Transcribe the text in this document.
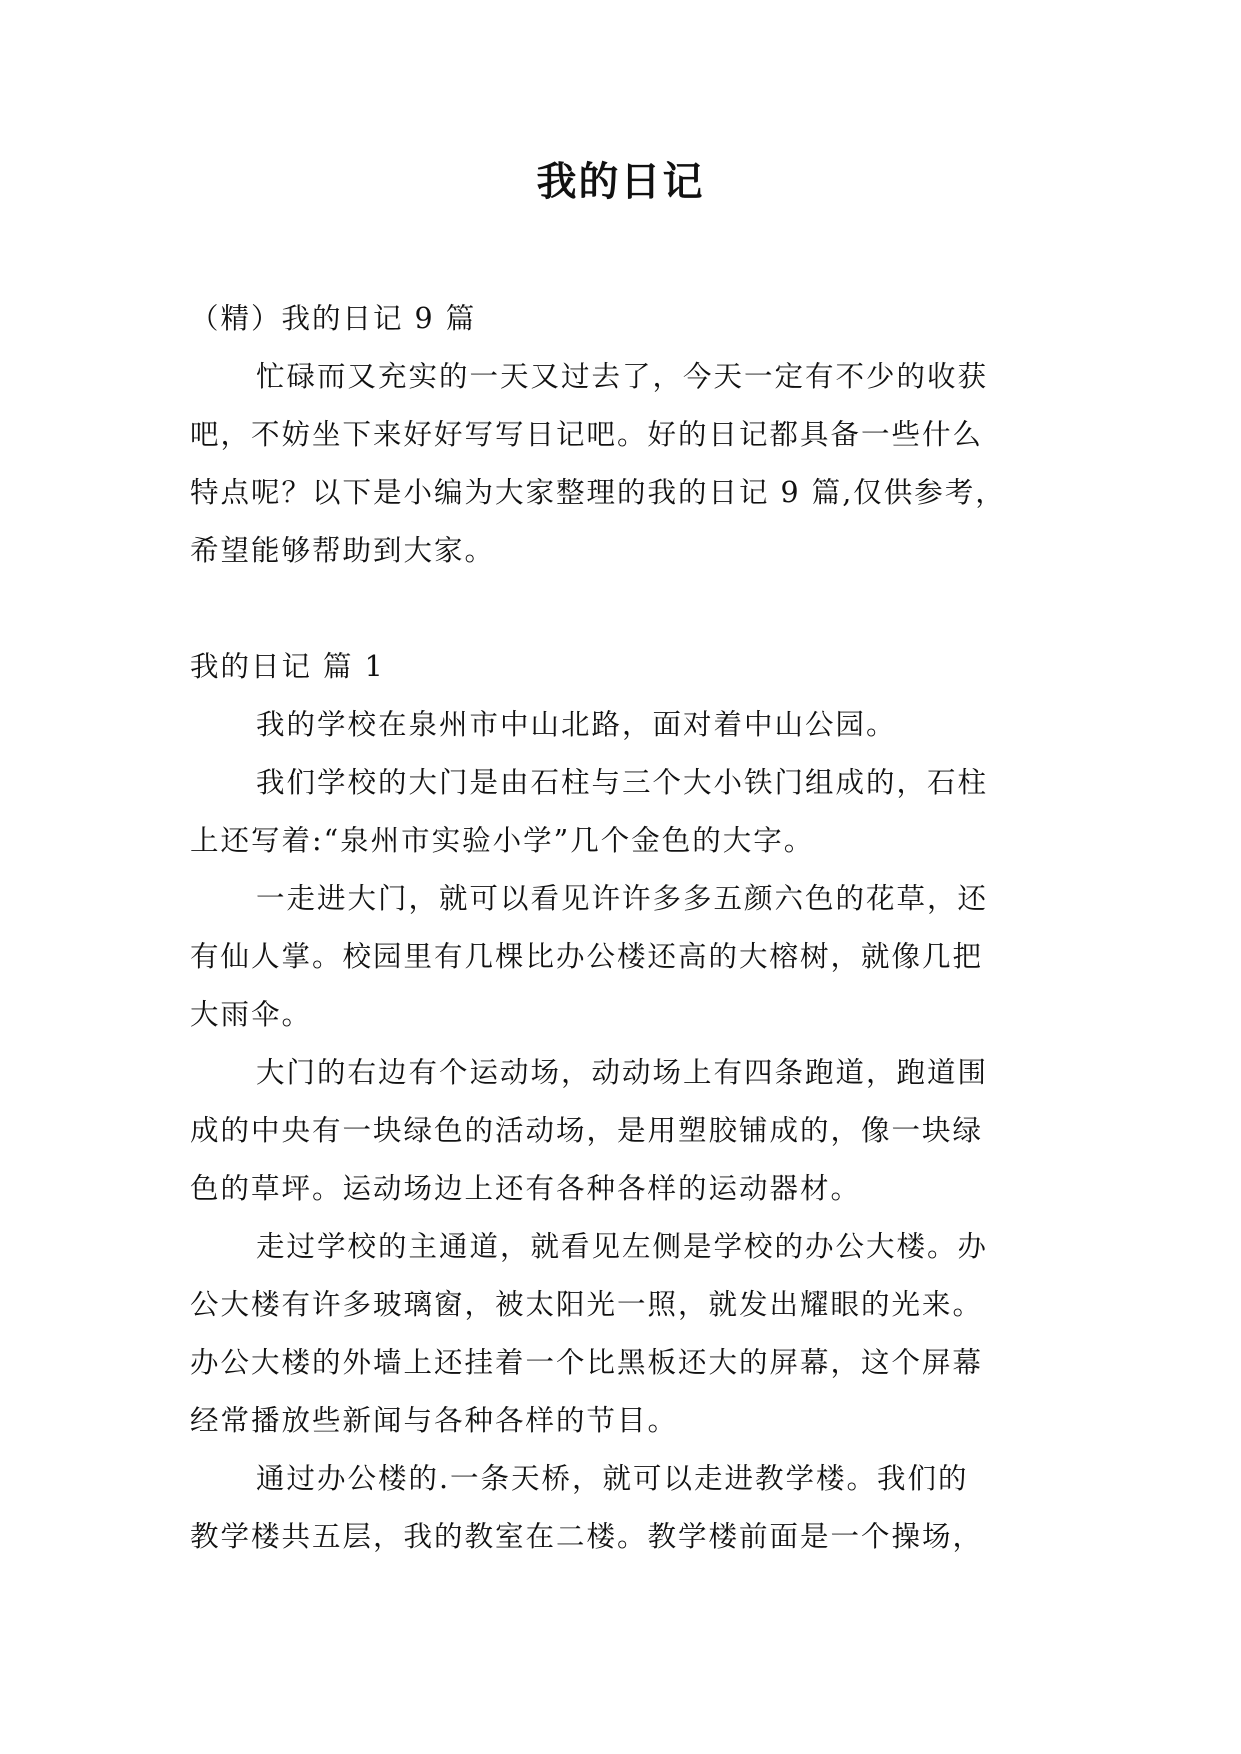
我的日记
（精）我的日记 9 篇
忙碌而又充实的一天又过去了，今天一定有不少的收获
吧，不妨坐下来好好写写日记吧。好的日记都具备一些什么
特点呢？以下是小编为大家整理的我的日记 9 篇,仅供参考，
希望能够帮助到大家。
我的日记 篇 1
我的学校在泉州市中山北路，面对着中山公园。
我们学校的大门是由石柱与三个大小铁门组成的，石柱
上还写着:“泉州市实验小学”几个金色的大字。
一走进大门，就可以看见许许多多五颜六色的花草，还
有仙人掌。校园里有几棵比办公楼还高的大榕树，就像几把
大雨伞。
大门的右边有个运动场，动动场上有四条跑道，跑道围
成的中央有一块绿色的活动场，是用塑胶铺成的，像一块绿
色的草坪。运动场边上还有各种各样的运动器材。
走过学校的主通道，就看见左侧是学校的办公大楼。办
公大楼有许多玻璃窗，被太阳光一照，就发出耀眼的光来。
办公大楼的外墙上还挂着一个比黑板还大的屏幕，这个屏幕
经常播放些新闻与各种各样的节目。
通过办公楼的.一条天桥，就可以走进教学楼。我们的
教学楼共五层，我的教室在二楼。教学楼前面是一个操场，
